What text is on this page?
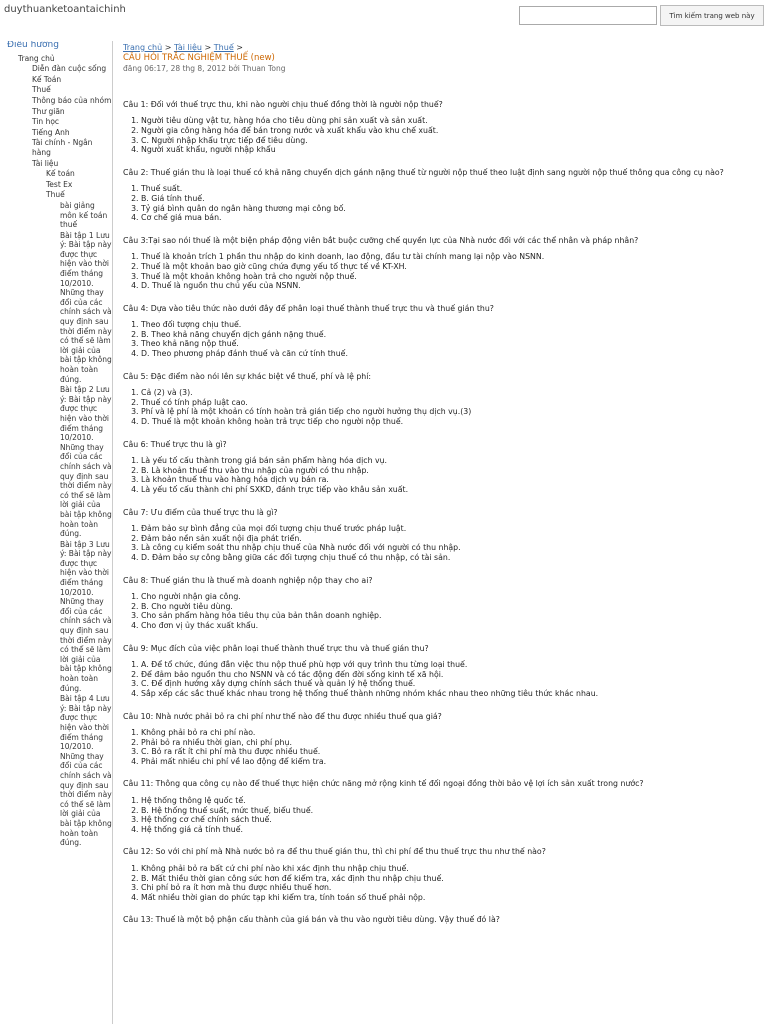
duythuanketoantaichinh
Tìm kiếm trang web này
Điều hướng
Trang chủ
Diễn đàn cuộc sống
Kế Toán
Thuế
Thông báo của nhóm
Thư giãn
Tin học
Tiếng Anh
Tài chính - Ngân hàng
Tài liệu
Kế toán
Test Ex
Thuế
bài giảng môn kế toán thuế
Bài tập 1 Lưu ý: Bài tập này được thực hiện vào thời điểm tháng 10/2010. Những thay đổi của các chính sách và quy định sau thời điểm này có thể sẽ làm lời giải của bài tập không hoàn toàn đúng.
Bài tập 2 Lưu ý: Bài tập này được thực hiện vào thời điểm tháng 10/2010. Những thay đổi của các chính sách và quy định sau thời điểm này có thể sẽ làm lời giải của bài tập không hoàn toàn đúng.
Bài tập 3 Lưu ý: Bài tập này được thực hiện vào thời điểm tháng 10/2010. Những thay đổi của các chính sách và quy định sau thời điểm này có thể sẽ làm lời giải của bài tập không hoàn toàn đúng.
Bài tập 4 Lưu ý: Bài tập này được thực hiện vào thời điểm tháng 10/2010. Những thay đổi của các chính sách và quy định sau thời điểm này có thể sẽ làm lời giải của bài tập không hoàn toàn đúng.
Trang chủ > Tài liệu > Thuế >
CÂU HỎI TRẮC NGHIỆM THUẾ (new)
đăng 06:17, 28 thg 8, 2012 bởi Thuan Tong
Câu 1: Đối với thuế trực thu, khi nào người chịu thuế đồng thời là người nộp thuế?
1. Người tiêu dùng vật tư, hàng hóa cho tiêu dùng phi sản xuất và sản xuất.
2. Người gia công hàng hóa để bán trong nước và xuất khẩu vào khu chế xuất.
3. C. Người nhập khẩu trực tiếp để tiêu dùng.
4. Người xuất khẩu, người nhập khẩu
Câu 2: Thuế gián thu là loại thuế có khả năng chuyển dịch gánh nặng thuế từ người nộp thuế theo luật định sang người nộp thuế thông qua công cụ nào?
1. Thuế suất.
2. B. Giá tính thuế.
3. Tỷ giá bình quân do ngân hàng thương mại công bố.
4. Cơ chế giá mua bán.
Câu 3:Tại sao nói thuế là một biện pháp động viên bắt buộc cưỡng chế quyền lực của Nhà nước đối với các thể nhân và pháp nhân?
1. Thuế là khoản trích 1 phần thu nhập do kinh doanh, lao động, đầu tư tài chính mang lại nộp vào NSNN.
2. Thuế là một khoản bao giờ cũng chứa đựng yếu tố thực tế về KT-XH.
3. Thuế là một khoản không hoàn trả cho người nộp thuế.
4. D. Thuế là nguồn thu chủ yếu của NSNN.
Câu 4: Dựa vào tiêu thức nào dưới đây để phân loại thuế thành thuế trực thu và thuế gián thu?
1. Theo đối tượng chịu thuế.
2. B. Theo khả năng chuyển dịch gánh nặng thuế.
3. Theo khả năng nộp thuế.
4. D. Theo phương pháp đánh thuế và căn cứ tính thuế.
Câu 5: Đặc điểm nào nói lên sự khác biệt về thuế, phí và lệ phí:
1. Cả (2) và (3).
2. Thuế có tính pháp luật cao.
3. Phí và lệ phí là một khoản có tính hoàn trả gián tiếp cho người hưởng thụ dịch vụ.(3)
4. D. Thuế là một khoản không hoàn trả trực tiếp cho người nộp thuế.
Câu 6: Thuế trực thu là gì?
1. Là yếu tố cấu thành trong giá bán sản phẩm hàng hóa dịch vụ.
2. B. Là khoản thuế thu vào thu nhập của người có thu nhập.
3. Là khoản thuế thu vào hàng hóa dịch vụ bán ra.
4. Là yếu tố cấu thành chi phí SXKD, đánh trực tiếp vào khâu sản xuất.
Câu 7: Ưu điểm của thuế trực thu là gì?
1. Đảm bảo sự bình đẳng của mọi đối tượng chịu thuế trước pháp luật.
2. Đảm bảo nền sản xuất nội địa phát triển.
3. Là công cụ kiểm soát thu nhập chịu thuế của Nhà nước đối với người có thu nhập.
4. D. Đảm bảo sự công bằng giữa các đối tượng chịu thuế có thu nhập, có tài sản.
Câu 8: Thuế gián thu là thuế mà doanh nghiệp nộp thay cho ai?
1. Cho người nhận gia công.
2. B. Cho người tiêu dùng.
3. Cho sản phẩm hàng hóa tiêu thụ của bản thân doanh nghiệp.
4. Cho đơn vị ủy thác xuất khẩu.
Câu 9: Mục đích của việc phân loại thuế thành thuế trực thu và thuế gián thu?
1. A. Để tổ chức, đúng đắn việc thu nộp thuế phù hợp với quy trình thu từng loại thuế.
2. Để đảm bảo nguồn thu cho NSNN và có tác động đến đời sống kinh tế xã hội.
3. C. Để định hướng xây dựng chính sách thuế và quản lý hệ thống thuế.
4. Sắp xếp các sắc thuế khác nhau trong hệ thống thuế thành những nhóm khác nhau theo những tiêu thức khác nhau.
Câu 10: Nhà nước phải bỏ ra chi phí như thế nào để thu được nhiều thuế qua giá?
1. Không phải bỏ ra chi phí nào.
2. Phải bỏ ra nhiều thời gian, chi phí phụ.
3. C. Bỏ ra rất ít chi phí mà thu được nhiều thuế.
4. Phải mất nhiều chi phí về lao động để kiểm tra.
Câu 11: Thông qua công cụ nào để thuế thực hiện chức năng mở rộng kinh tế đối ngoại đồng thời bảo vệ lợi ích sản xuất trong nước?
1. Hệ thống thông lệ quốc tế.
2. B. Hệ thống thuế suất, mức thuế, biểu thuế.
3. Hệ thống cơ chế chính sách thuế.
4. Hệ thống giá cả tính thuế.
Câu 12: So với chi phí mà Nhà nước bỏ ra để thu thuế gián thu, thì chi phí để thu thuế trực thu như thế nào?
1. Không phải bỏ ra bất cứ chi phí nào khi xác định thu nhập chịu thuế.
2. B. Mất thiều thời gian công sức hơn để kiểm tra, xác định thu nhập chịu thuế.
3. Chi phí bỏ ra ít hơn mà thu được nhiều thuế hơn.
4. Mất nhiều thời gian do phức tạp khi kiểm tra, tính toán số thuế phải nộp.
Câu 13: Thuế là một bộ phận cấu thành của giá bán và thu vào người tiêu dùng. Vậy thuế đó là?
